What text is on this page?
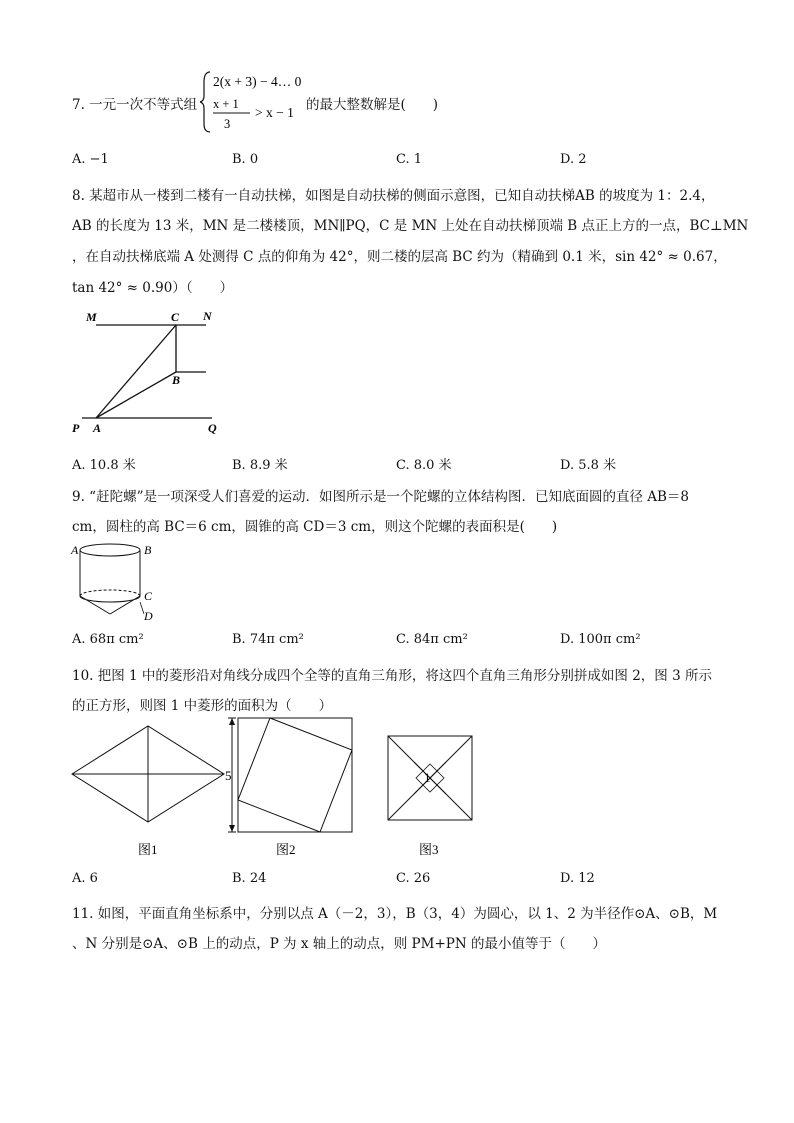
7. 一元一次不等式组
2(x + 3) − 4… 0
x + 1
3
> x − 1 的最大整数解是(　　)
A. −1	B. 0	C. 1	D. 2
8. 某超市从一楼到二楼有一自动扶梯，如图是自动扶梯的侧面示意图，已知自动扶梯AB 的坡度为 1：2.4，
AB 的长度为 13 米，MN 是二楼楼顶，MN∥PQ，C 是 MN 上处在自动扶梯顶端 B 点正上方的一点，BC⊥MN
，在自动扶梯底端 A 处测得 C 点的仰角为 42°，则二楼的层高 BC 约为（精确到 0.1 米，sin 42° ≈ 0.67，
tan 42° ≈ 0.90）（　　）
M	C N
B
P A	Q
A. 10.8 米	B. 8.9 米	C. 8.0 米	D. 5.8 米
9. “赶陀螺”是一项深受人们喜爱的运动．如图所示是一个陀螺的立体结构图．已知底面圆的直径 AB＝8
cm，圆柱的高 BC＝6 cm，圆锥的高 CD＝3 cm，则这个陀螺的表面积是(　　)
A	B
C
D
A. 68π cm²	B. 74π cm²	C. 84π cm²	D. 100π cm²
10. 把图 1 中的菱形沿对角线分成四个全等的直角三角形，将这四个直角三角形分别拼成如图 2，图 3 所示
的正方形，则图 1 中菱形的面积为（　　）
图1
5
图2
1
图3
A. 6	B. 24	C. 26	D. 12
11. 如图，平面直角坐标系中，分别以点 A（－2，3），B（3，4）为圆心，以 1、2 为半径作⊙A、⊙B，M
、N 分别是⊙A、⊙B 上的动点，P 为 x 轴上的动点，则 PM+PN 的最小值等于（　　）
